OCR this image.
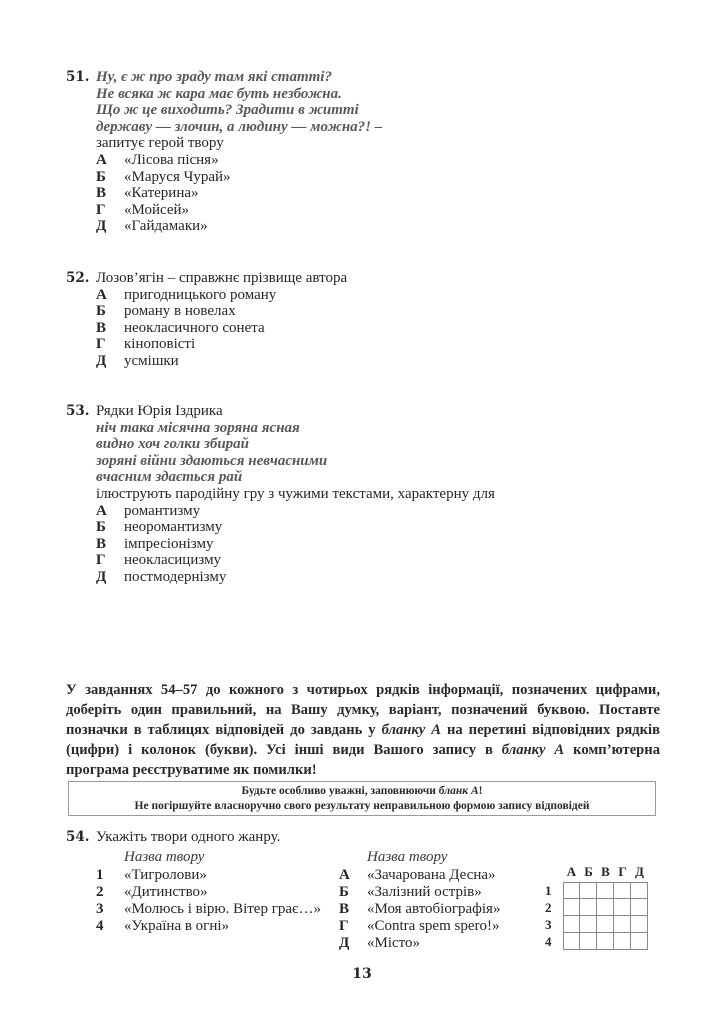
51. Ну, є ж про зраду там які статті?
Не всяка ж кара має буть незбожна.
Що ж це виходить? Зрадити в житті
державу — злочин, а людину — можна?! –
запитує герой твору
А «Лісова пісня»
Б «Маруся Чурай»
В «Катерина»
Г «Мойсей»
Д «Гайдамаки»
52. Лозов’ягін – справжнє прізвище автора
А пригодницького роману
Б роману в новелах
В неокласичного сонета
Г кіноповісті
Д усмішки
53. Рядки Юрія Іздрика
ніч така місячна зоряна ясная
видно хоч голки збирай
зоряні війни здаються невчасними
вчасним здається рай
ілюструють пародійну гру з чужими текстами, характерну для
А романтизму
Б неоромантизму
В імпресіонізму
Г неокласицизму
Д постмодернізму
У завданнях 54–57 до кожного з чотирьох рядків інформації, позначених цифрами, доберіть один правильний, на Вашу думку, варіант, позначений буквою. Поставте позначки в таблицях відповідей до завдань у бланку А на перетині відповідних рядків (цифри) і колонок (букви). Усі інші види Вашого запису в бланку А комп’ютерна програма реєструватиме як помилки!
Будьте особливо уважні, заповнюючи бланк А!
Не погіршуйте власноручно свого результату неправильною формою запису відповідей
54. Укажіть твори одного жанру.
Назва твору	Назва твору
1 «Тигролови»
2 «Дитинство»
3 «Молюсь і вірю. Вітер грає…»
4 «Україна в огні»
А «Зачарована Десна»
Б «Залізний острів»
В «Моя автобіографія»
Г «Contra spem spero!»
Д «Місто»
А Б В Г Д
1
2
3
4
13
